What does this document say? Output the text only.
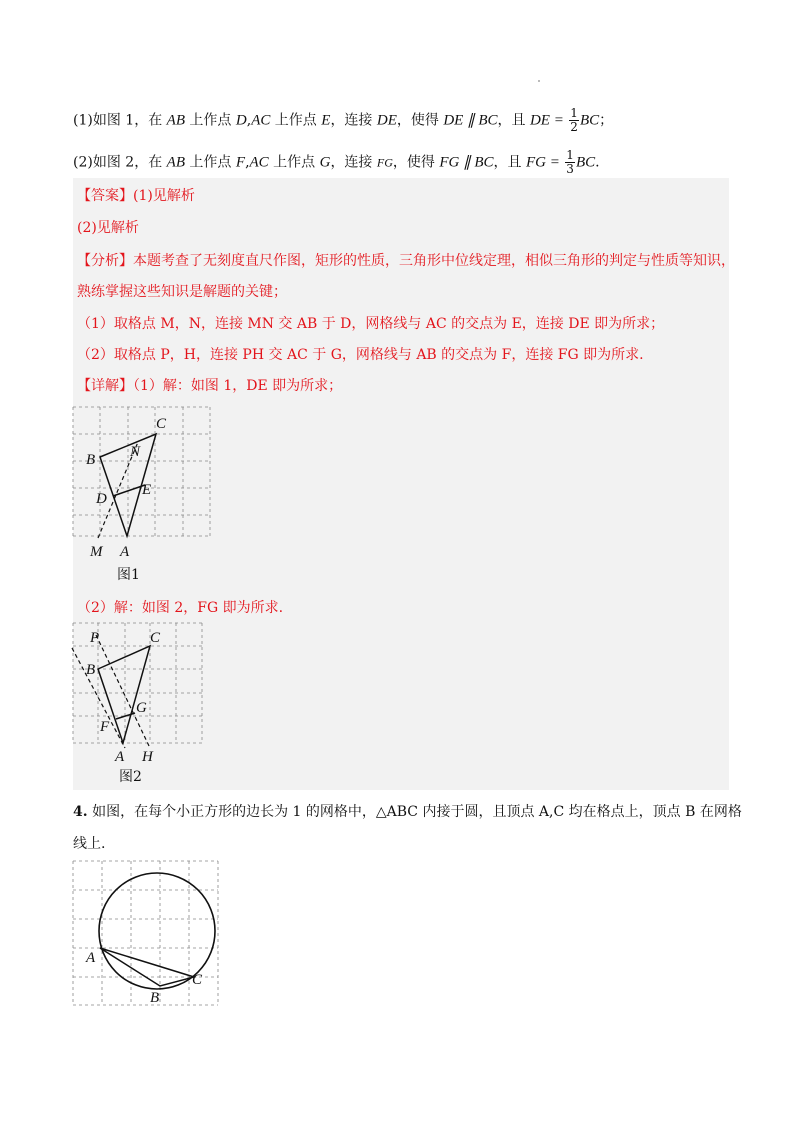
(1)如图 1，在 AB 上作点 D,AC 上作点 E，连接 DE，使得 DE ∥ BC，且 DE = $\frac{1}{2}$ BC；
(2)如图 2，在 AB 上作点 F,AC 上作点 G，连接 FG，使得 FG ∥ BC，且 FG = $\frac{1}{3}$ BC.
【答案】(1)见解析
(2)见解析
【分析】本题考查了无刻度直尺作图，矩形的性质，三角形中位线定理，相似三角形的判定与性质等知识，
熟练掌握这些知识是解题的关键；
（1）取格点 M，N，连接 MN 交 AB 于 D，网格线与 AC 的交点为 E，连接 DE 即为所求；
（2）取格点 P，H，连接 PH 交 AC 于 G，网格线与 AB 的交点为 F，连接 FG 即为所求.
【详解】（1）解：如图 1，DE 即为所求；
C
B N
E
D
M A
图1
（2）解：如图 2，FG 即为所求.
P	C
B
G
F
A H
图2
4. 如图，在每个小正方形的边长为 1 的网格中，△ABC 内接于圆，且顶点 A,C 均在格点上，顶点 B 在网格
线上.
A
C
B
